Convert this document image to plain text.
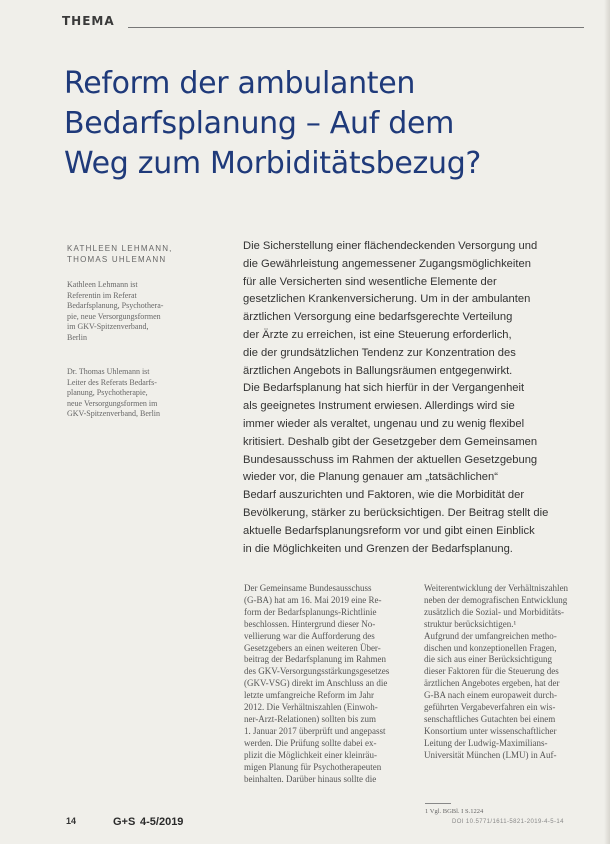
THEMA
Reform der ambulanten
Bedarfsplanung – Auf dem
Weg zum Morbiditätsbezug?
KATHLEEN LEHMANN,
THOMAS UHLEMANN
Kathleen Lehmann ist
Referentin im Referat
Bedarfsplanung, Psychothera-
pie, neue Versorgungsformen
im GKV-Spitzenverband,
Berlin
Dr. Thomas Uhlemann ist
Leiter des Referats Bedarfs-
planung, Psychotherapie,
neue Versorgungsformen im
GKV-Spitzenverband, Berlin
Die Sicherstellung einer flächendeckenden Versorgung und
die Gewährleistung angemessener Zugangsmöglichkeiten
für alle Versicherten sind wesentliche Elemente der
gesetzlichen Krankenversicherung. Um in der ambulanten
ärztlichen Versorgung eine bedarfsgerechte Verteilung
der Ärzte zu erreichen, ist eine Steuerung erforderlich,
die der grundsätzlichen Tendenz zur Konzentration des
ärztlichen Angebots in Ballungsräumen entgegenwirkt.
Die Bedarfsplanung hat sich hierfür in der Vergangenheit
als geeignetes Instrument erwiesen. Allerdings wird sie
immer wieder als veraltet, ungenau und zu wenig flexibel
kritisiert. Deshalb gibt der Gesetzgeber dem Gemeinsamen
Bundesausschuss im Rahmen der aktuellen Gesetzgebung
wieder vor, die Planung genauer am „tatsächlichen“
Bedarf auszurichten und Faktoren, wie die Morbidität der
Bevölkerung, stärker zu berücksichtigen. Der Beitrag stellt die
aktuelle Bedarfsplanungsreform vor und gibt einen Einblick
in die Möglichkeiten und Grenzen der Bedarfsplanung.
Der Gemeinsame Bundesausschuss
(G-BA) hat am 16. Mai 2019 eine Re-
form der Bedarfsplanungs-Richtlinie
beschlossen. Hintergrund dieser No-
vellierung war die Aufforderung des
Gesetzgebers an einen weiteren Über-
beitrag der Bedarfsplanung im Rahmen
des GKV-Versorgungsstärkungsgesetzes
(GKV-VSG) direkt im Anschluss an die
letzte umfangreiche Reform im Jahr
2012. Die Verhältniszahlen (Einwoh-
ner-Arzt-Relationen) sollten bis zum
1. Januar 2017 überprüft und angepasst
werden. Die Prüfung sollte dabei ex-
plizit die Möglichkeit einer kleinräu-
migen Planung für Psychotherapeuten
beinhalten. Darüber hinaus sollte die
Weiterentwicklung der Verhältniszahlen
neben der demografischen Entwicklung
zusätzlich die Sozial- und Morbiditäts-
struktur berücksichtigen.¹
Aufgrund der umfangreichen metho-
dischen und konzeptionellen Fragen,
die sich aus einer Berücksichtigung
dieser Faktoren für die Steuerung des
ärztlichen Angebotes ergeben, hat der
G-BA nach einem europaweit durch-
geführten Vergabeverfahren ein wis-
senschaftliches Gutachten bei einem
Konsortium unter wissenschaftlicher
Leitung der Ludwig-Maximilians-
Universität München (LMU) in Auf-
1 Vgl. BGBl. I S.1224
14	G+S 4-5/2019	DOI 10.5771/1611-5821-2019-4-5-14
